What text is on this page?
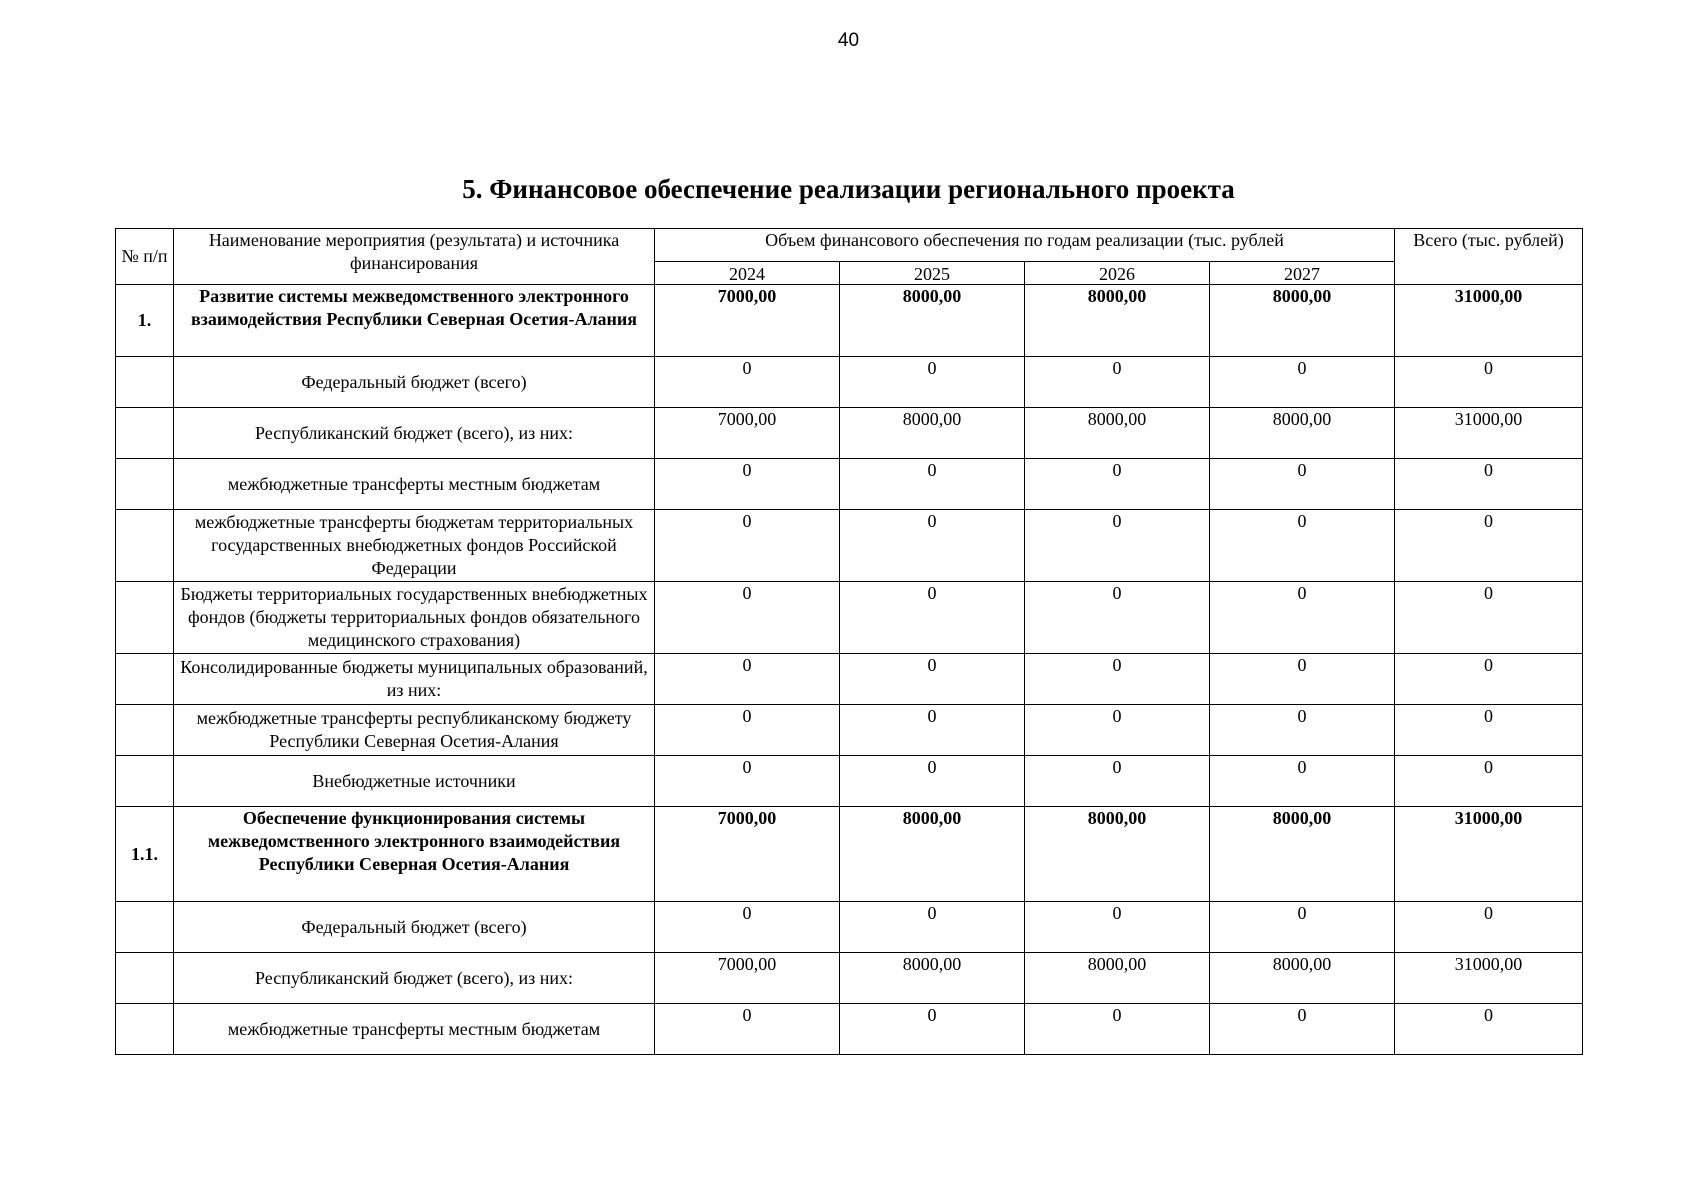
40
5. Финансовое обеспечение реализации регионального проекта
№ п/п	Наименование мероприятия (результата) и источника финансирования	Объем финансового обеспечения по годам реализации (тыс. рублей				Всего (тыс. рублей)
		2024	2025	2026	2027	
1.	Развитие системы межведомственного электронного взаимодействия Республики Северная Осетия-Алания	7000,00	8000,00	8000,00	8000,00	31000,00
	Федеральный бюджет (всего)	0	0	0	0	0
	Республиканский бюджет (всего), из них:	7000,00	8000,00	8000,00	8000,00	31000,00
	межбюджетные трансферты местным бюджетам	0	0	0	0	0
	межбюджетные трансферты бюджетам территориальных государственных внебюджетных фондов Российской Федерации	0	0	0	0	0
	Бюджеты территориальных государственных внебюджетных фондов (бюджеты территориальных фондов обязательного медицинского страхования)	0	0	0	0	0
	Консолидированные бюджеты муниципальных образований, из них:	0	0	0	0	0
	межбюджетные трансферты республиканскому бюджету Республики Северная Осетия-Алания	0	0	0	0	0
	Внебюджетные источники	0	0	0	0	0
1.1.	Обеспечение функционирования системы межведомственного электронного взаимодействия Республики Северная Осетия-Алания	7000,00	8000,00	8000,00	8000,00	31000,00
	Федеральный бюджет (всего)	0	0	0	0	0
	Республиканский бюджет (всего), из них:	7000,00	8000,00	8000,00	8000,00	31000,00
	межбюджетные трансферты местным бюджетам	0	0	0	0	0
